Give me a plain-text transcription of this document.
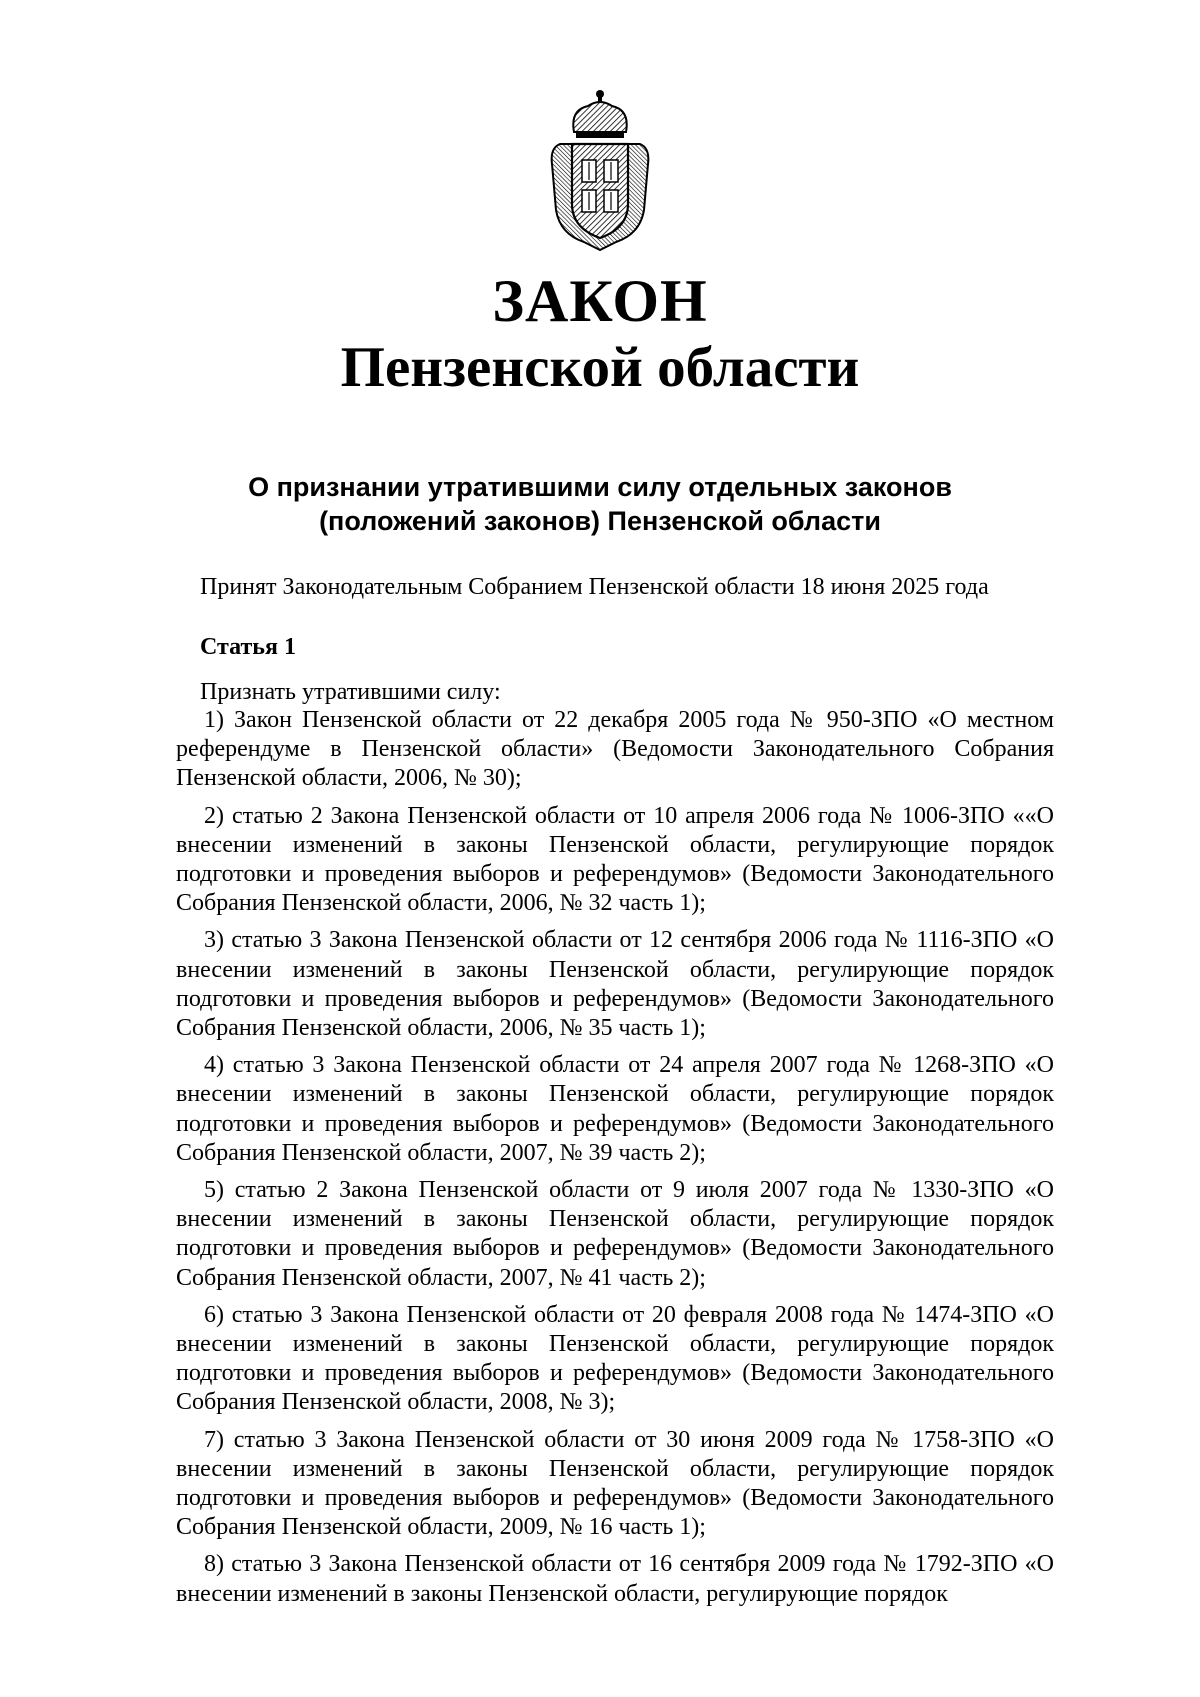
ЗАКОН
Пензенской области
О признании утратившими силу отдельных законов
(положений законов) Пензенской области
Принят Законодательным Собранием Пензенской области 18 июня 2025 года
Статья 1
Признать утратившими силу:

1) Закон Пензенской области от 22 декабря 2005 года № 950-ЗПО «О местном референдуме в Пензенской области» (Ведомости Законодательного Собрания Пензенской области, 2006, № 30);

2) статью 2 Закона Пензенской области от 10 апреля 2006 года № 1006-ЗПО ««О внесении изменений в законы Пензенской области, регулирующие порядок подготовки и проведения выборов и референдумов» (Ведомости Законодательного Собрания Пензенской области, 2006, № 32 часть 1);

3) статью 3 Закона Пензенской области от 12 сентября 2006 года № 1116-ЗПО «О внесении изменений в законы Пензенской области, регулирующие порядок подготовки и проведения выборов и референдумов» (Ведомости Законодательного Собрания Пензенской области, 2006, № 35 часть 1);

4) статью 3 Закона Пензенской области от 24 апреля 2007 года № 1268-ЗПО «О внесении изменений в законы Пензенской области, регулирующие порядок подготовки и проведения выборов и референдумов» (Ведомости Законодательного Собрания Пензенской области, 2007, № 39 часть 2);

5) статью 2 Закона Пензенской области от 9 июля 2007 года № 1330-ЗПО «О внесении изменений в законы Пензенской области, регулирующие порядок подготовки и проведения выборов и референдумов» (Ведомости Законодательного Собрания Пензенской области, 2007, № 41 часть 2);

6) статью 3 Закона Пензенской области от 20 февраля 2008 года № 1474-ЗПО «О внесении изменений в законы Пензенской области, регулирующие порядок подготовки и проведения выборов и референдумов» (Ведомости Законодательного Собрания Пензенской области, 2008, № 3);

7) статью 3 Закона Пензенской области от 30 июня 2009 года № 1758-ЗПО «О внесении изменений в законы Пензенской области, регулирующие порядок подготовки и проведения выборов и референдумов» (Ведомости Законодательного Собрания Пензенской области, 2009, № 16 часть 1);

8) статью 3 Закона Пензенской области от 16 сентября 2009 года № 1792-ЗПО «О внесении изменений в законы Пензенской области, регулирующие порядок
